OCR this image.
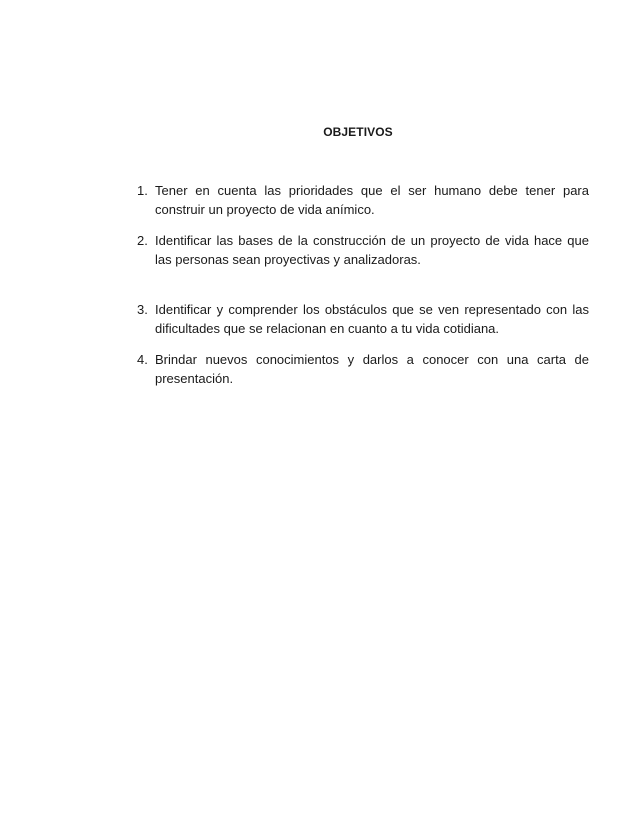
OBJETIVOS
1. Tener en cuenta las prioridades que el ser humano debe tener para construir un proyecto de vida anímico.
2. Identificar las bases de la construcción de un proyecto de vida hace que las personas sean proyectivas y analizadoras.
3. Identificar y comprender los obstáculos que se ven representado con las dificultades que se relacionan en cuanto a tu vida cotidiana.
4. Brindar nuevos conocimientos y darlos a conocer con una carta de presentación.
